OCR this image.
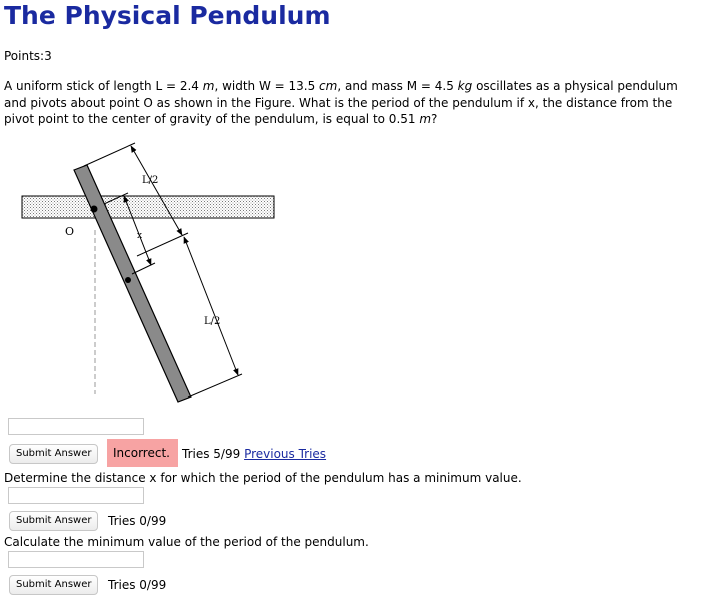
The Physical Pendulum
Points:3
A uniform stick of length L = 2.4 m, width W = 13.5 cm, and mass M = 4.5 kg oscillates as a physical pendulum and pivots about point O as shown in the Figure. What is the period of the pendulum if x, the distance from the pivot point to the center of gravity of the pendulum, is equal to 0.51 m?
L/2
L/2
x
O
Submit Answer	Incorrect.	Tries 5/99 Previous Tries
Determine the distance x for which the period of the pendulum has a minimum value.
Submit Answer	Tries 0/99
Calculate the minimum value of the period of the pendulum.
Submit Answer	Tries 0/99
